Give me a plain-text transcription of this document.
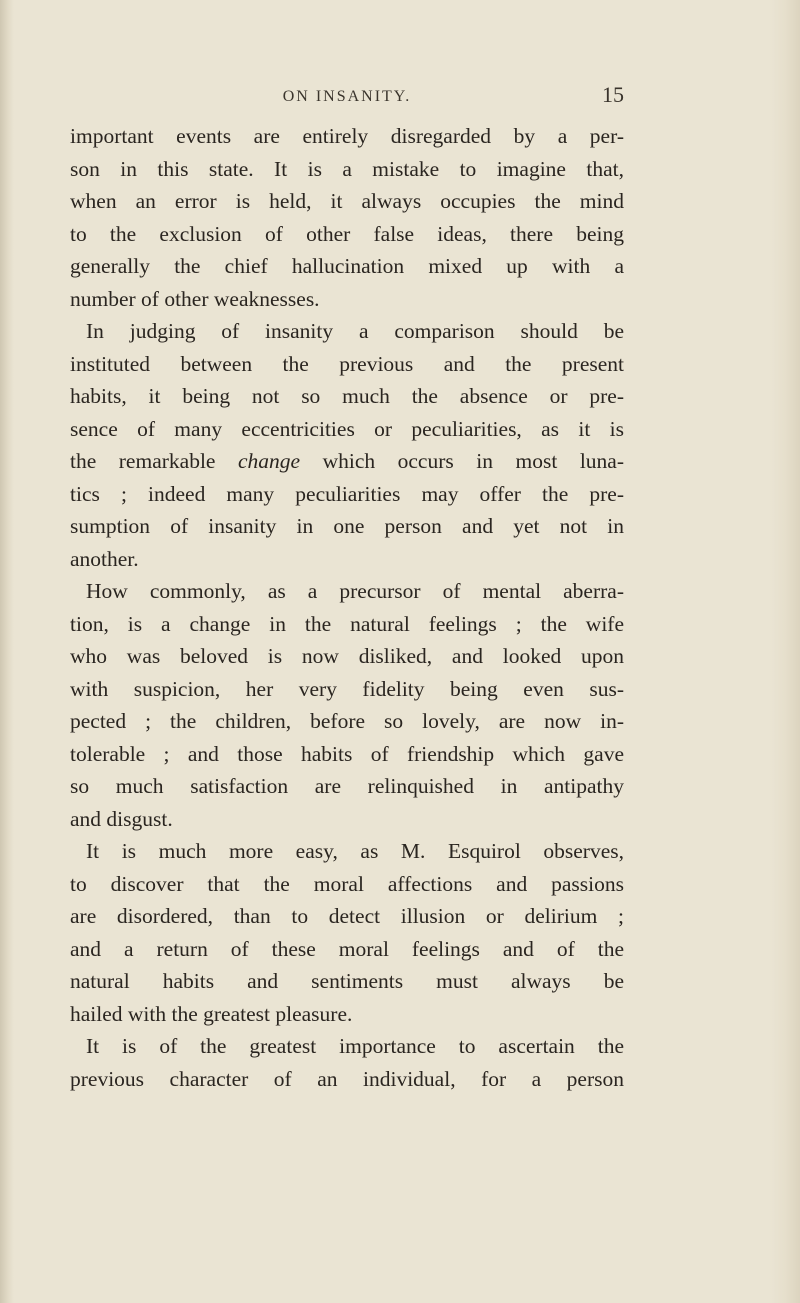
ON INSANITY.	15
important events are entirely disregarded by a per-
son in this state. It is a mistake to imagine that,
when an error is held, it always occupies the mind
to the exclusion of other false ideas, there being
generally the chief hallucination mixed up with a
number of other weaknesses.
In judging of insanity a comparison should be
instituted between the previous and the present
habits, it being not so much the absence or pre-
sence of many eccentricities or peculiarities, as it is
the remarkable change which occurs in most luna-
tics ; indeed many peculiarities may offer the pre-
sumption of insanity in one person and yet not in
another.
How commonly, as a precursor of mental aberra-
tion, is a change in the natural feelings ; the wife
who was beloved is now disliked, and looked upon
with suspicion, her very fidelity being even sus-
pected ; the children, before so lovely, are now in-
tolerable ; and those habits of friendship which gave
so much satisfaction are relinquished in antipathy
and disgust.
It is much more easy, as M. Esquirol observes,
to discover that the moral affections and passions
are disordered, than to detect illusion or delirium ;
and a return of these moral feelings and of the
natural habits and sentiments must always be
hailed with the greatest pleasure.
It is of the greatest importance to ascertain the
previous character of an individual, for a person
